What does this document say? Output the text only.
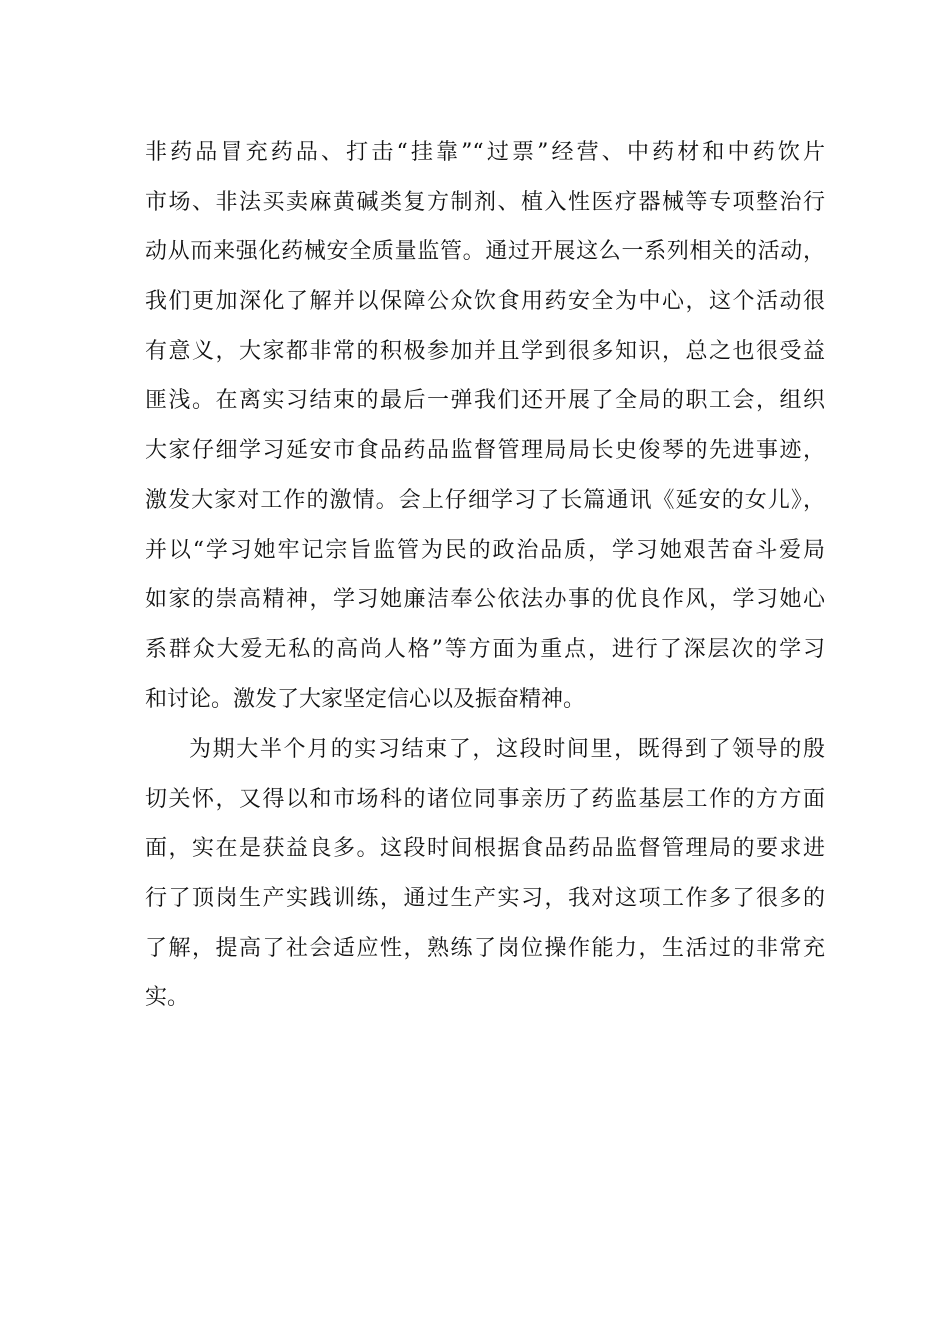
非药品冒充药品、打击“挂靠”“过票”经营、中药材和中药饮片
市场、非法买卖麻黄碱类复方制剂、植入性医疗器械等专项整治行
动从而来强化药械安全质量监管。通过开展这么一系列相关的活动，
我们更加深化了解并以保障公众饮食用药安全为中心，这个活动很
有意义，大家都非常的积极参加并且学到很多知识，总之也很受益
匪浅。在离实习结束的最后一弹我们还开展了全局的职工会，组织
大家仔细学习延安市食品药品监督管理局局长史俊琴的先进事迹，
激发大家对工作的激情。会上仔细学习了长篇通讯《延安的女儿》，
并以“学习她牢记宗旨监管为民的政治品质，学习她艰苦奋斗爱局
如家的崇高精神，学习她廉洁奉公依法办事的优良作风，学习她心
系群众大爱无私的高尚人格”等方面为重点，进行了深层次的学习
和讨论。激发了大家坚定信心以及振奋精神。
为期大半个月的实习结束了，这段时间里，既得到了领导的殷
切关怀，又得以和市场科的诸位同事亲历了药监基层工作的方方面
面，实在是获益良多。这段时间根据食品药品监督管理局的要求进
行了顶岗生产实践训练，通过生产实习，我对这项工作多了很多的
了解，提高了社会适应性，熟练了岗位操作能力，生活过的非常充
实。
